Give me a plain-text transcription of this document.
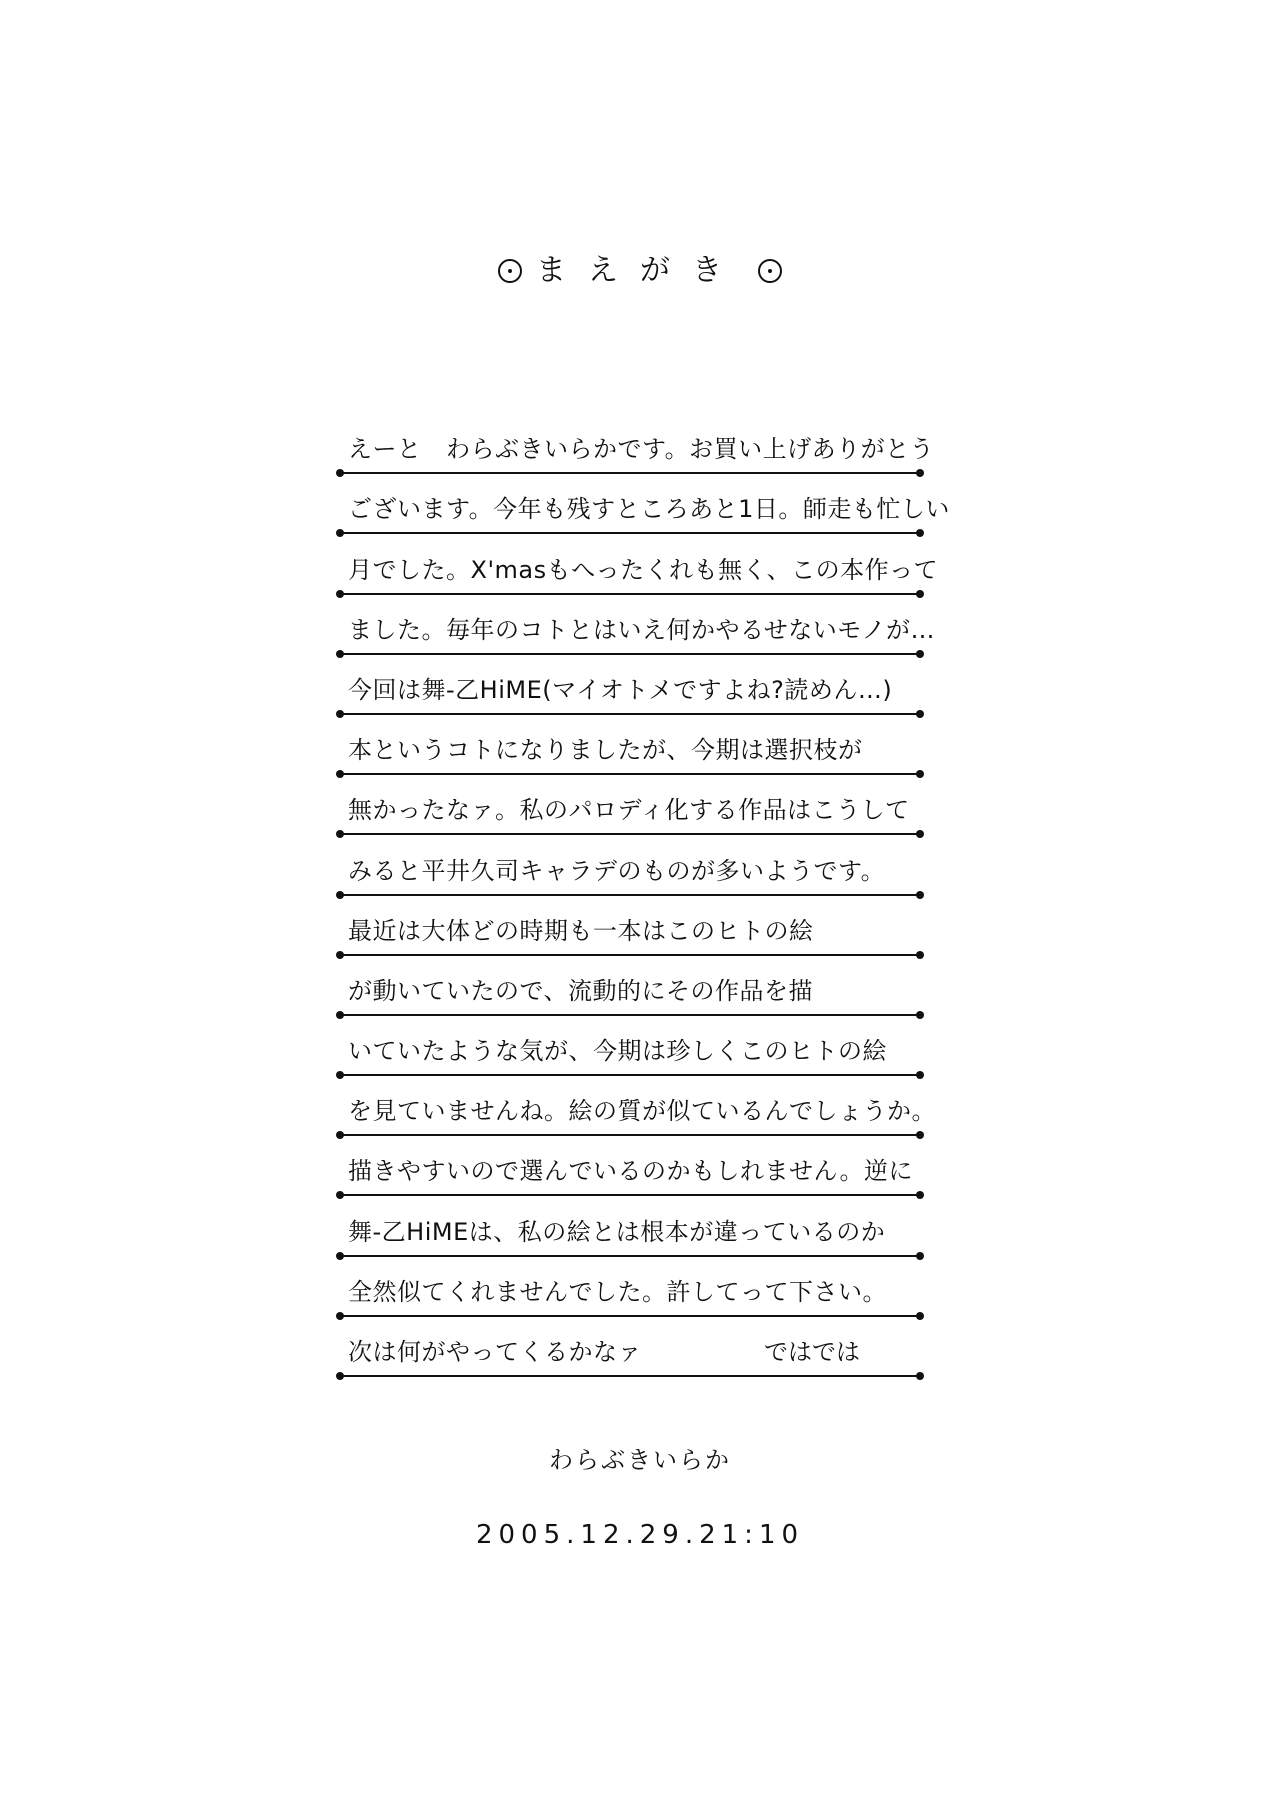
まえがき
えーと　わらぶきいらかです。お買い上げありがとう
ございます。今年も残すところあと1日。師走も忙しい
月でした。X'masもへったくれも無く、この本作って
ました。毎年のコトとはいえ何かやるせないモノが…
今回は舞-乙HiME(マイオトメですよね?読めん…)
本というコトになりましたが、今期は選択枝が
無かったなァ。私のパロディ化する作品はこうして
みると平井久司キャラデのものが多いようです。
最近は大体どの時期も一本はこのヒトの絵
が動いていたので、流動的にその作品を描
いていたような気が、今期は珍しくこのヒトの絵
を見ていませんね。絵の質が似ているんでしょうか。
描きやすいので選んでいるのかもしれません。逆に
舞-乙HiMEは、私の絵とは根本が違っているのか
全然似てくれませんでした。許してって下さい。
次は何がやってくるかなァ	ではでは
わらぶきいらか
2005.12.29.21:10
